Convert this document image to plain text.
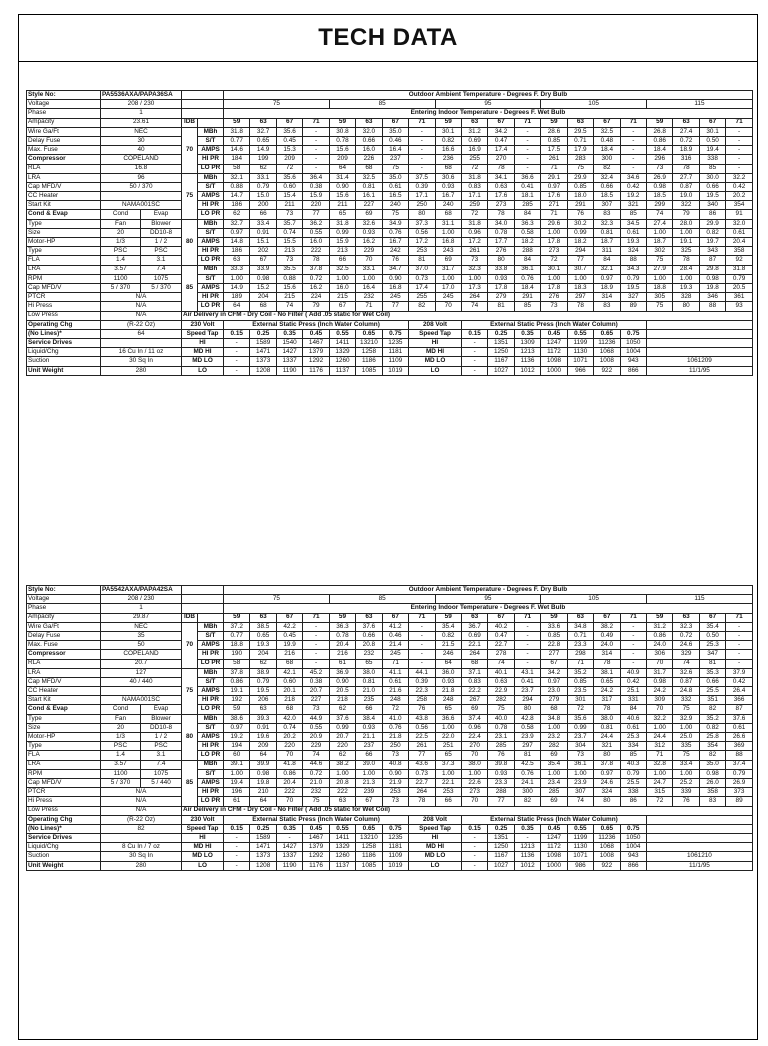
TECH DATA
Style No:	PA5536AXA/PAPA36SA				Outdoor Ambient Temperature - Degrees F. Dry Bulb																			
Voltage	208 / 230				75				85				95				105				115			
Phase	1				Entering Indoor Temperature - Degrees F. Wet Bulb																			
Ampacity	23.61		IDB		59	63	67	71	59	63	67	71	59	63	67	71	59	63	67	71	59	63	67	71
Wire Ga/Ft	NEC		70	MBh	31.8	32.7	35.6	-	30.8	32.0	35.0	-	30.1	31.2	34.2	-	28.6	29.5	32.5	-	26.8	27.4	30.1	-
Delay Fuse	30			S/T	0.77	0.65	0.45	-	0.78	0.66	0.46	-	0.82	0.69	0.47	-	0.85	0.71	0.48	-	0.86	0.72	0.50	-
Max. Fuse	40			AMPS	14.6	14.9	15.3	-	15.6	16.0	16.4	-	16.6	16.9	17.4	-	17.5	17.9	18.4	-	18.4	18.9	19.4	-
Compressor	COPELAND			HI PR	184	199	209	-	209	226	237	-	236	255	270	-	261	283	300	-	296	316	338	-
RLA	16.8			LO PR	58	62	72	-	64	68	75	-	68	72	78	-	71	75	82	-	73	78	85	-
LRA	96		75	MBh	32.1	33.1	35.6	36.4	31.4	32.5	35.0	37.5	30.6	31.8	34.1	36.6	29.1	29.9	32.4	34.6	26.9	27.7	30.0	32.2
Cap MFD/V	50 / 370			S/T	0.88	0.79	0.60	0.38	0.90	0.81	0.61	0.39	0.93	0.83	0.63	0.41	0.97	0.85	0.66	0.42	0.98	0.87	0.66	0.42
CC Heater				AMPS	14.7	15.0	15.4	15.9	15.6	16.1	16.5	17.1	16.7	17.1	17.6	18.1	17.6	18.0	18.5	19.2	18.5	19.0	19.5	20.2
Start Kit	NAMA001SC			HI PR	186	200	211	220	211	227	240	250	240	259	273	285	271	291	307	321	299	322	340	354
Cond & Evap	Cond	Evap		LO PR	62	66	73	77	65	69	75	80	68	72	78	84	71	76	83	85	74	79	86	91
Type	Fan	Blower	80	MBh	32.7	33.4	35.7	36.2	31.8	32.6	34.9	37.3	31.1	31.8	34.0	36.3	29.6	30.2	32.3	34.5	27.4	28.0	29.9	32.0
Size	20	DD10-8		S/T	0.97	0.91	0.74	0.55	0.99	0.93	0.76	0.56	1.00	0.96	0.78	0.58	1.00	0.99	0.81	0.61	1.00	1.00	0.82	0.61
Motor-HP	1/3	1 / 2		AMPS	14.8	15.1	15.5	16.0	15.9	16.2	16.7	17.2	16.8	17.2	17.7	18.2	17.8	18.2	18.7	19.3	18.7	19.1	19.7	20.4
Type	PSC	PSC		HI PR	186	202	213	222	213	229	242	253	243	261	276	288	273	294	311	324	302	325	343	358
FLA	1.4	3.1		LO PR	63	67	73	78	66	70	76	81	69	73	80	84	72	77	84	88	75	78	87	92
LRA	3.57	7.4	85	MBh	33.3	33.9	35.5	37.8	32.5	33.1	34.7	37.0	31.7	32.3	33.8	36.1	30.1	30.7	32.1	34.3	27.9	28.4	29.8	31.8
RPM	1100	1075		S/T	1.00	0.98	0.88	0.72	1.00	1.00	0.90	0.73	1.00	1.00	0.93	0.76	1.00	1.00	0.97	0.79	1.00	1.00	0.98	0.79
Cap MFD/V	5 / 370	5 / 370		AMPS	14.9	15.2	15.6	16.2	16.0	16.4	16.8	17.4	17.0	17.3	17.8	18.4	17.8	18.3	18.9	19.5	18.8	19.3	19.8	20.5
PTCR	N/A			HI PR	189	204	215	224	215	232	245	255	245	264	279	291	276	297	314	327	305	328	346	361
Hi Press	N/A			LO PR	64	68	74	79	67	71	77	82	70	74	81	85	73	78	83	89	75	80	88	93
Low Press	N/A		Air Delivery in CFM - Dry Coil - No Filter ( Add .05 static for Wet Coil)																					
Operating Chg	(R-22 Oz)		230 Volt		External Static Press (Inch Water Column)							208 Volt		External Static Press (Inch Water Column)										
(No Lines)*	64		Speed Tap		0.15	0.25	0.35	0.45	0.55	0.65	0.75	Speed Tap		0.15	0.25	0.35	0.45	0.55	0.65	0.75				
Service Drives			HI		-	1589	1540	1467	1411	13210	1235	HI		-	1351	1309	1247	1199	11236	1050				
Liquid/Chg	16 Cu In / 11 oz		MD HI		-	1471	1427	1379	1329	1258	1181	MD HI		-	1250	1213	1172	1130	1068	1004				
Suction	30 Sq In		MD LO		-	1373	1337	1292	1260	1186	1109	MD LO		-	1167	1136	1098	1071	1008	943	1061209			
Unit Weight	280		LO		-	1208	1190	1176	1137	1085	1019	LO		-	1027	1012	1000	966	922	866	11/1/95			
Style No:	PA5542AXA/PAPA42SA				Outdoor Ambient Temperature - Degrees F. Dry Bulb																			
Voltage	208 / 230				75				85				95				105				115			
Phase	1				Entering Indoor Temperature - Degrees F. Wet Bulb																			
Ampacity	29.87		IDB		59	63	67	71	59	63	67	71	59	63	67	71	59	63	67	71	59	63	67	71
Wire Ga/Ft	NEC		70	MBh	37.2	38.5	42.2	-	36.3	37.6	41.2	-	35.4	36.7	40.2	-	33.6	34.8	38.2	-	31.2	32.3	35.4	-
Delay Fuse	35			S/T	0.77	0.65	0.45	-	0.78	0.66	0.46	-	0.82	0.69	0.47	-	0.85	0.71	0.49	-	0.86	0.72	0.50	-
Max. Fuse	50			AMPS	18.8	19.3	19.9	-	20.4	20.8	21.4	-	21.5	22.1	22.7	-	22.8	23.3	24.0	-	24.0	24.6	25.3	-
Compressor	COPELAND			HI PR	190	204	216	-	216	232	245	-	246	264	278	-	277	298	314	-	306	329	347	-
RLA	20.7			LO PR	58	62	68	-	61	65	71	-	64	68	74	-	67	71	78	-	70	74	81	-
LRA	127		75	MBh	37.8	38.9	42.1	45.2	36.9	38.0	41.1	44.1	36.0	37.1	40.1	43.1	34.2	35.2	38.1	40.9	31.7	32.6	35.3	37.9
Cap MFD/V	40 / 440			S/T	0.86	0.79	0.60	0.38	0.90	0.81	0.61	0.39	0.93	0.83	0.63	0.41	0.97	0.85	0.65	0.42	0.98	0.87	0.66	0.42
CC Heater				AMPS	19.1	19.5	20.1	20.7	20.5	21.0	21.6	22.3	21.8	22.2	22.9	23.7	23.0	23.5	24.2	25.1	24.2	24.8	25.5	26.4
Start Kit	NAMA001SC			HI PR	192	206	218	227	218	235	248	258	248	267	282	294	279	301	317	331	309	332	351	366
Cond & Evap	Cond	Evap		LO PR	59	63	68	73	62	66	72	76	65	69	75	80	68	72	78	84	70	75	82	87
Type	Fan	Blower	80	MBh	38.6	39.3	42.0	44.9	37.6	38.4	41.0	43.8	36.6	37.4	40.0	42.8	34.8	35.6	38.0	40.6	32.2	32.9	35.2	37.6
Size	20	DD10-8		S/T	0.97	0.91	0.74	0.55	0.99	0.93	0.76	0.56	1.00	0.96	0.78	0.58	1.00	0.99	0.81	0.61	1.00	1.00	0.82	0.61
Motor-HP	1/3	1 / 2		AMPS	19.2	19.6	20.2	20.9	20.7	21.1	21.8	22.5	22.0	22.4	23.1	23.9	23.2	23.7	24.4	25.3	24.4	25.0	25.8	26.6
Type	PSC	PSC		HI PR	194	209	220	229	220	237	250	261	251	270	285	297	282	304	321	334	312	335	354	369
FLA	1.4	3.1		LO PR	60	64	70	74	62	66	73	77	65	70	76	81	69	73	80	85	71	75	82	88
LRA	3.57	7.4	85	MBh	39.1	39.9	41.8	44.6	38.2	39.0	40.8	43.6	37.3	38.0	39.8	42.5	35.4	36.1	37.8	40.3	32.8	33.4	35.0	37.4
RPM	1100	1075		S/T	1.00	0.98	0.86	0.72	1.00	1.00	0.90	0.73	1.00	1.00	0.93	0.76	1.00	1.00	0.97	0.79	1.00	1.00	0.98	0.79
Cap MFD/V	5 / 370	5 / 440		AMPS	19.4	19.8	20.4	21.0	20.8	21.3	21.9	22.7	22.1	22.6	23.3	24.1	23.4	23.9	24.6	25.5	24.7	25.2	26.0	26.9
PTCR	N/A			HI PR	196	210	222	232	222	239	253	264	253	273	288	300	285	307	324	338	315	339	358	373
Hi Press	N/A			LO PR	61	64	70	75	63	67	73	78	66	70	77	82	69	74	80	86	72	76	83	89
Low Press	N/A		Air Delivery in CFM - Dry Coil - No Filter ( Add .05 static for Wet Coil)																					
Operating Chg	(R-22 Oz)		230 Volt		External Static Press (Inch Water Column)							208 Volt		External Static Press (Inch Water Column)										
(No Lines)*	82		Speed Tap		0.15	0.25	0.35	0.45	0.55	0.65	0.75	Speed Tap		0.15	0.25	0.35	0.45	0.55	0.65	0.75				
Service Drives			HI		-	1589	-	1467	1411	13210	1235	HI		-	1351	-	1247	1199	11236	1050				
Liquid/Chg	8 Cu In / 7 oz		MD HI		-	1471	1427	1379	1329	1258	1181	MD HI		-	1250	1213	1172	1130	1068	1004				
Suction	30 Sq In		MD LO		-	1373	1337	1292	1260	1186	1109	MD LO		-	1167	1136	1098	1071	1008	943	1061210			
Unit Weight	280		LO		-	1208	1190	1176	1137	1085	1019	LO		-	1027	1012	1000	986	922	866	11/1/95			
